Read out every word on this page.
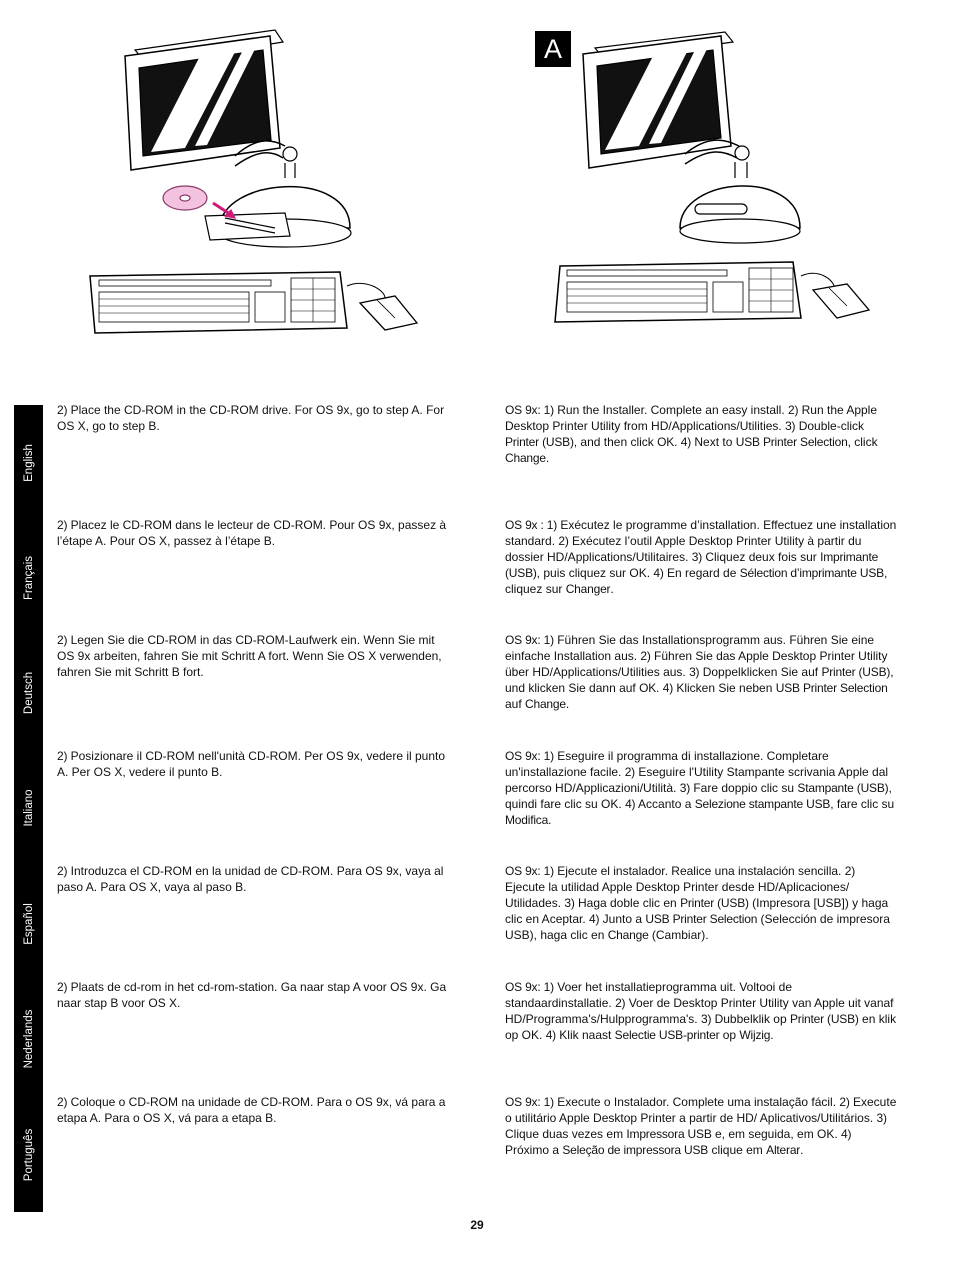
A
English
Français
Deutsch
Italiano
Español
Nederlands
Português
2) Place the CD-ROM in the CD-ROM drive. For OS 9x, go to step A. For OS X, go to step B.
OS 9x: 1) Run the Installer. Complete an easy install. 2) Run the Apple Desktop Printer Utility from HD/Applications/Utilities. 3) Double-click Printer (USB), and then click OK. 4) Next to USB Printer Selection, click Change.
2) Placez le CD-ROM dans le lecteur de CD-ROM. Pour OS 9x, passez à l’étape A. Pour OS X, passez à l’étape B.
OS 9x : 1) Exécutez le programme d’installation. Effectuez une installation standard. 2) Exécutez l’outil Apple Desktop Printer Utility à partir du dossier HD/Applications/Utilitaires. 3) Cliquez deux fois sur Imprimante (USB), puis cliquez sur OK. 4) En regard de Sélection d’imprimante USB, cliquez sur Changer.
2) Legen Sie die CD-ROM in das CD-ROM-Laufwerk ein. Wenn Sie mit OS 9x arbeiten, fahren Sie mit Schritt A fort. Wenn Sie OS X verwenden, fahren Sie mit Schritt B fort.
OS 9x: 1) Führen Sie das Installationsprogramm aus. Führen Sie eine einfache Installation aus. 2) Führen Sie das Apple Desktop Printer Utility über HD/Applications/Utilities aus. 3) Doppelklicken Sie auf Printer (USB), und klicken Sie dann auf OK. 4) Klicken Sie neben USB Printer Selection auf Change.
2) Posizionare il CD-ROM nell'unità CD-ROM. Per OS 9x, vedere il punto A. Per OS X, vedere il punto B.
OS 9x: 1) Eseguire il programma di installazione. Completare un'installazione facile. 2) Eseguire l'Utility Stampante scrivania Apple dal percorso HD/Applicazioni/Utilità. 3) Fare doppio clic su Stampante (USB), quindi fare clic su OK. 4) Accanto a Selezione stampante USB, fare clic su Modifica.
2) Introduzca el CD-ROM en la unidad de CD-ROM. Para OS 9x, vaya al paso A. Para OS X, vaya al paso B.
OS 9x: 1) Ejecute el instalador. Realice una instalación sencilla. 2) Ejecute la utilidad Apple Desktop Printer desde HD/Aplicaciones/ Utilidades. 3) Haga doble clic en Printer (USB) (Impresora [USB]) y haga clic en Aceptar. 4) Junto a USB Printer Selection (Selección de impresora USB), haga clic en Change (Cambiar).
2) Plaats de cd-rom in het cd-rom-station. Ga naar stap A voor OS 9x. Ga naar stap B voor OS X.
OS 9x: 1) Voer het installatieprogramma uit. Voltooi de standaardinstallatie. 2) Voer de Desktop Printer Utility van Apple uit vanaf HD/Programma's/Hulpprogramma's. 3) Dubbelklik op Printer (USB) en klik op OK. 4) Klik naast Selectie USB-printer op Wijzig.
2) Coloque o CD-ROM na unidade de CD-ROM. Para o OS 9x, vá para a etapa A. Para o OS X, vá para a etapa B.
OS 9x: 1) Execute o Instalador. Complete uma instalação fácil. 2) Execute o utilitário Apple Desktop Printer a partir de HD/ Aplicativos/Utilitários. 3) Clique duas vezes em Impressora USB e, em seguida, em OK. 4) Próximo a Seleção de impressora USB clique em Alterar.
29
